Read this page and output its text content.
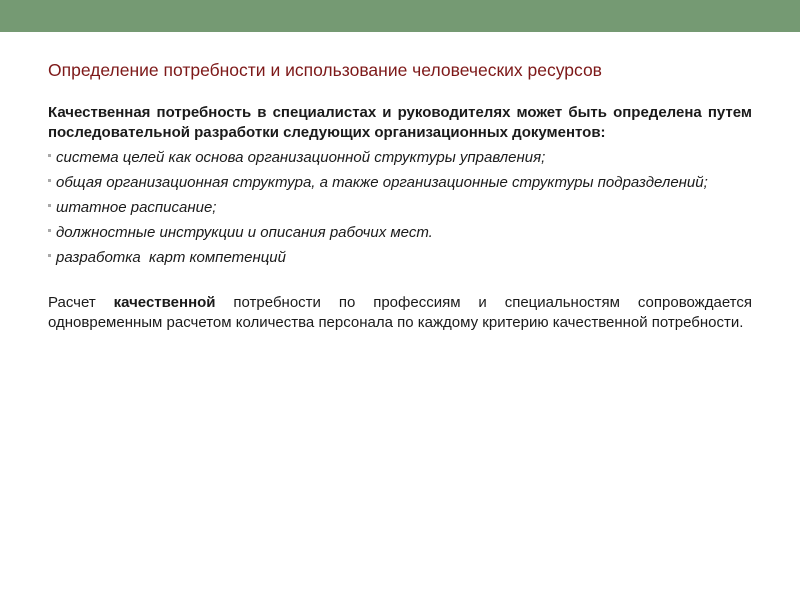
Определение потребности и использование человеческих ресурсов

Качественная потребность в специалистах и руководителях может быть определена путем последовательной разработки следующих организационных документов:

система целей как основа организационной структуры управления;
общая организационная структура, а также организационные структуры подразделений;
штатное расписание;
должностные инструкции и описания рабочих мест.
разработка  карт компетенций

Расчет качественной потребности по профессиям и специальностям сопровождается одновременным расчетом количества персонала по каждому критерию качественной потребности.
